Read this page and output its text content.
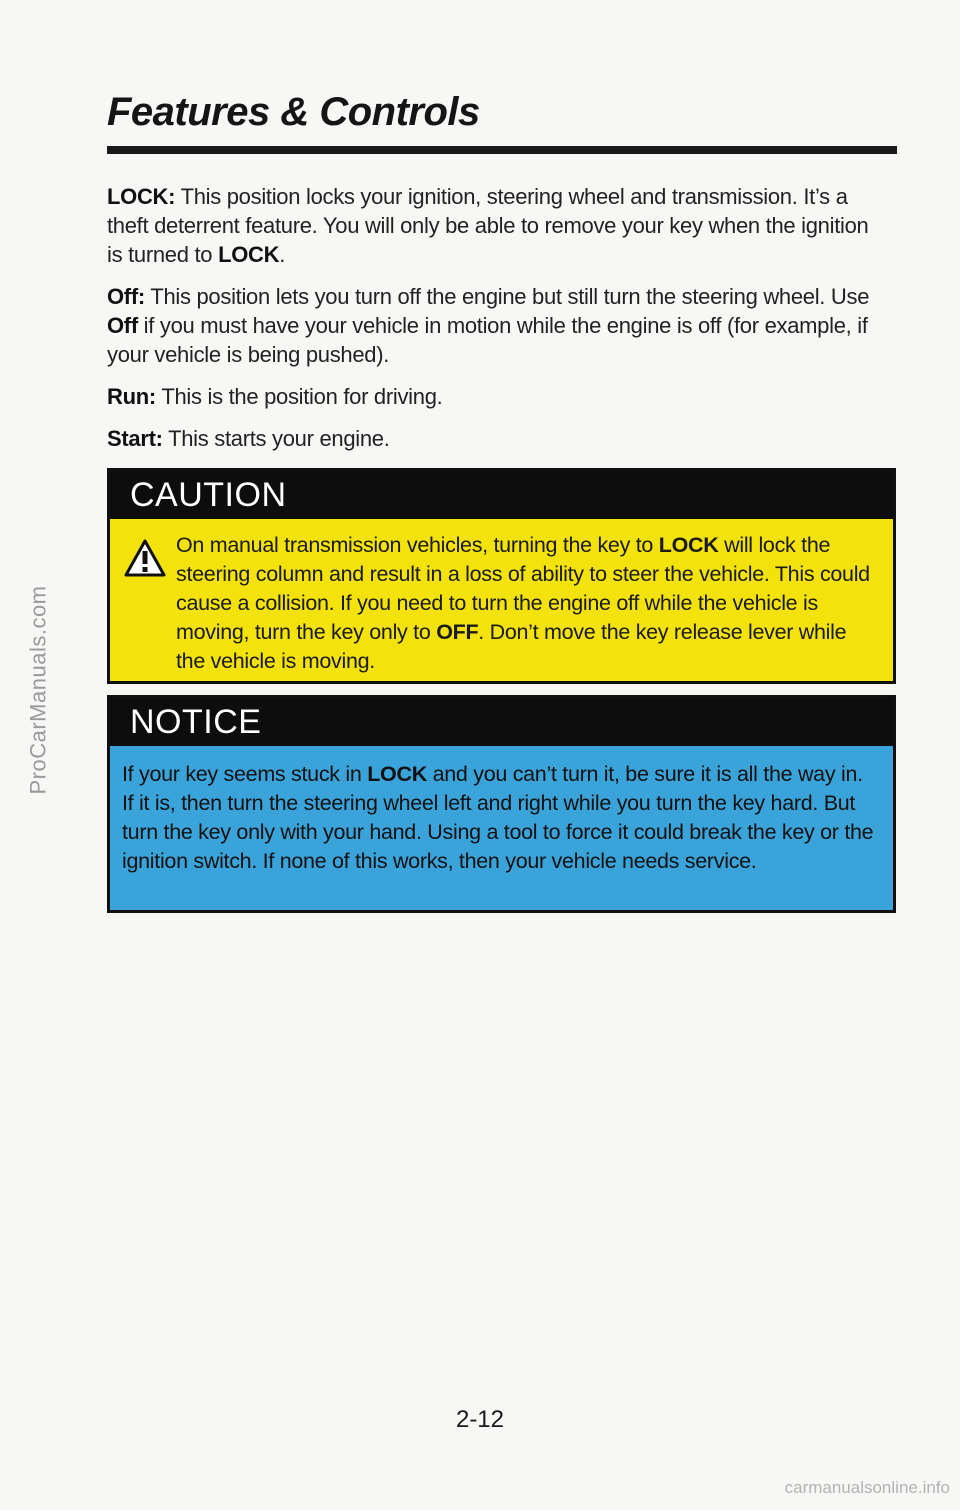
ProCarManuals.com
Features & Controls

LOCK: This position locks your ignition, steering wheel and transmission. It’s a theft deterrent feature. You will only be able to remove your key when the ignition is turned to LOCK.

Off: This position lets you turn off the engine but still turn the steering wheel. Use Off if you must have your vehicle in motion while the engine is off (for example, if your vehicle is being pushed).

Run: This is the position for driving.

Start: This starts your engine.

CAUTION
On manual transmission vehicles, turning the key to LOCK will lock the steering column and result in a loss of ability to steer the vehicle. This could cause a collision. If you need to turn the engine off while the vehicle is moving, turn the key only to OFF. Don’t move the key release lever while the vehicle is moving.
NOTICE
If your key seems stuck in LOCK and you can’t turn it, be sure it is all the way in. If it is, then turn the steering wheel left and right while you turn the key hard. But turn the key only with your hand. Using a tool to force it could break the key or the ignition switch. If none of this works, then your vehicle needs service.
2-12
carmanualsonline.info
